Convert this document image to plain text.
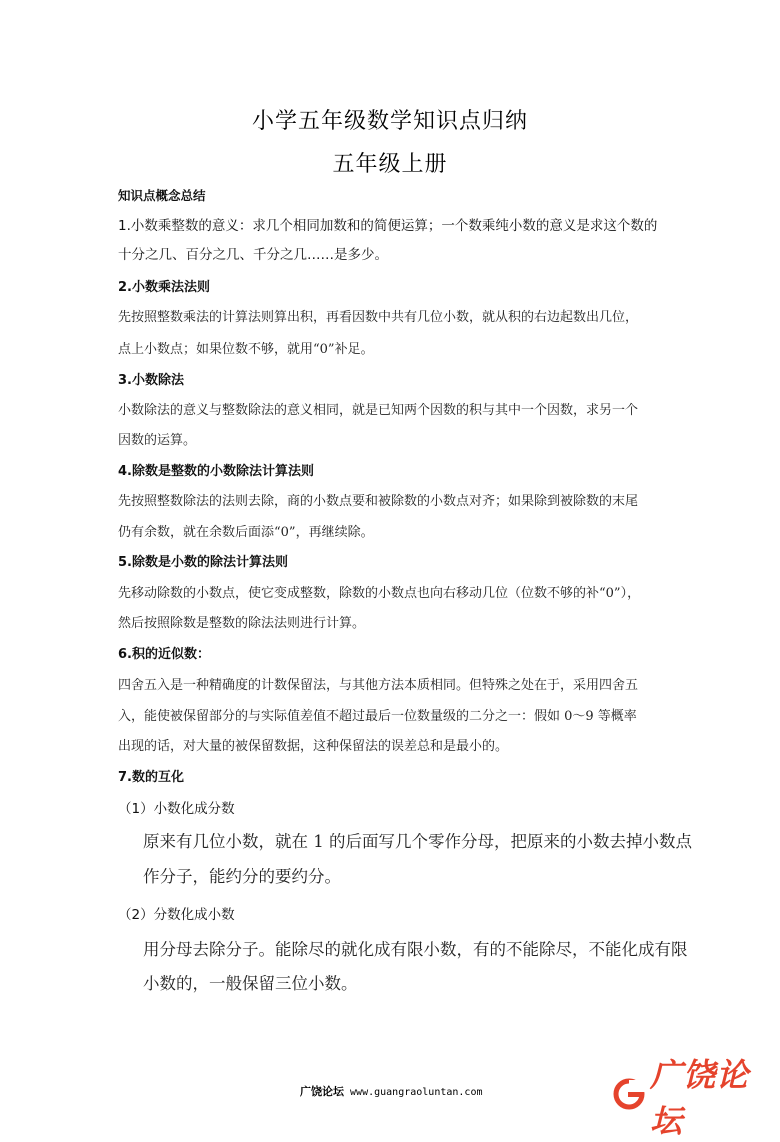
小学五年级数学知识点归纳
五年级上册
知识点概念总结
1.小数乘整数的意义：求几个相同加数和的简便运算；一个数乘纯小数的意义是求这个数的
十分之几、百分之几、千分之几……是多少。
2.小数乘法法则
先按照整数乘法的计算法则算出积，再看因数中共有几位小数，就从积的右边起数出几位，
点上小数点；如果位数不够，就用“0”补足。
3.小数除法
小数除法的意义与整数除法的意义相同，就是已知两个因数的积与其中一个因数，求另一个
因数的运算。
4.除数是整数的小数除法计算法则
先按照整数除法的法则去除，商的小数点要和被除数的小数点对齐；如果除到被除数的末尾
仍有余数，就在余数后面添“0”，再继续除。
5.除数是小数的除法计算法则
先移动除数的小数点，使它变成整数，除数的小数点也向右移动几位（位数不够的补“0”），
然后按照除数是整数的除法法则进行计算。
6.积的近似数：
四舍五入是一种精确度的计数保留法，与其他方法本质相同。但特殊之处在于，采用四舍五
入，能使被保留部分的与实际值差值不超过最后一位数量级的二分之一：假如 0～9 等概率
出现的话，对大量的被保留数据，这种保留法的误差总和是最小的。
7.数的互化
（1）小数化成分数
原来有几位小数，就在 1 的后面写几个零作分母，把原来的小数去掉小数点
作分子，能约分的要约分。
（2）分数化成小数
用分母去除分子。能除尽的就化成有限小数，有的不能除尽，不能化成有限
小数的，一般保留三位小数。
广饶论坛 www.guangraoluntan.com	广饶论坛
